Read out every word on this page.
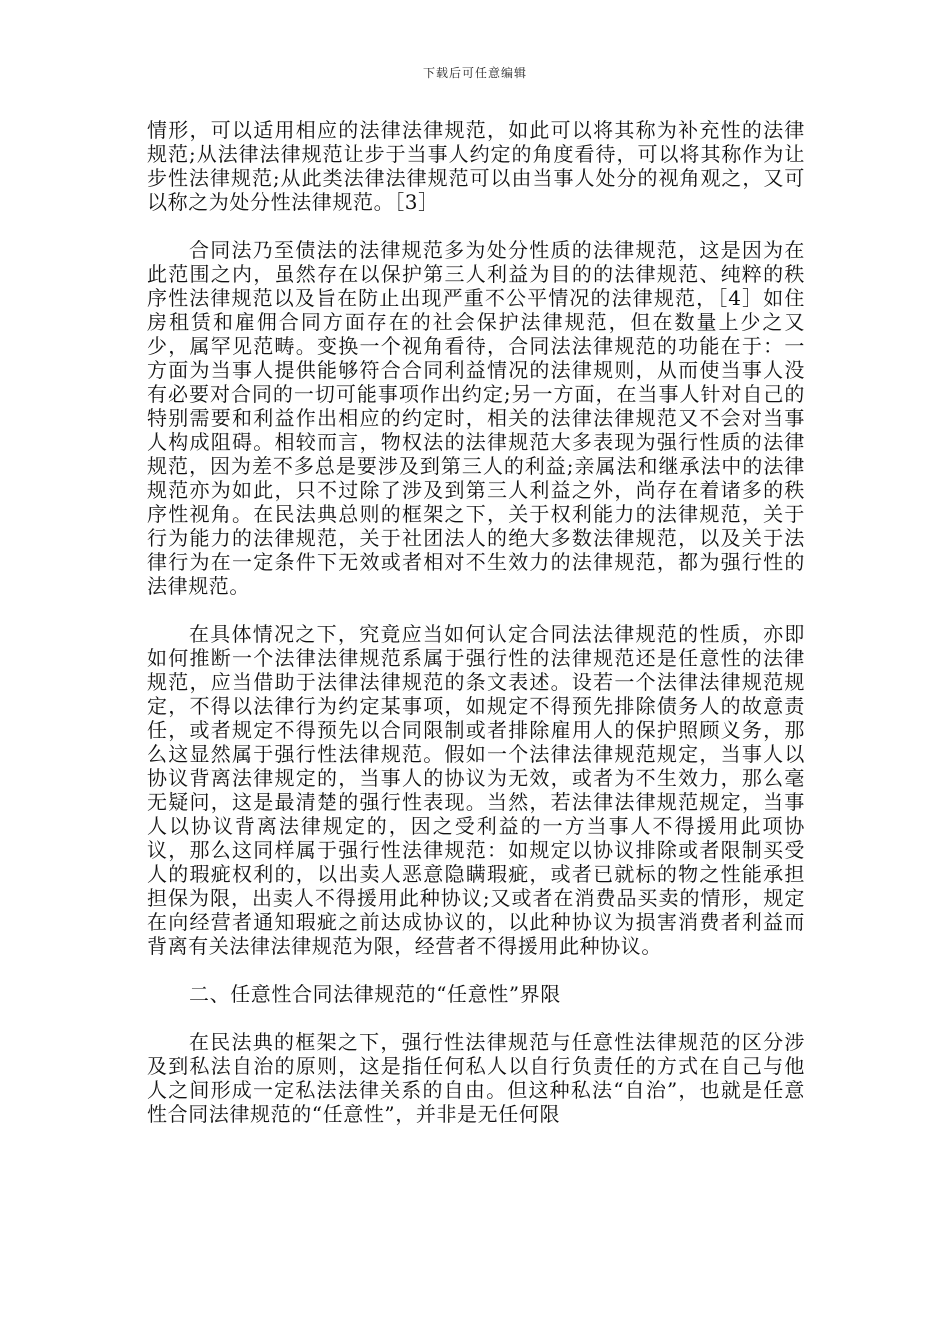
下载后可任意编辑

情形，可以适用相应的法律法律规范，如此可以将其称为补充性的法律规范;从法律法律规范让步于当事人约定的角度看待，可以将其称作为让步性法律规范;从此类法律法律规范可以由当事人处分的视角观之，又可以称之为处分性法律规范。［3］

合同法乃至债法的法律规范多为处分性质的法律规范，这是因为在此范围之内，虽然存在以保护第三人利益为目的的法律规范、纯粹的秩序性法律规范以及旨在防止出现严重不公平情况的法律规范，［4］如住房租赁和雇佣合同方面存在的社会保护法律规范，但在数量上少之又少，属罕见范畴。变换一个视角看待，合同法法律规范的功能在于：一方面为当事人提供能够符合合同利益情况的法律规则，从而使当事人没有必要对合同的一切可能事项作出约定;另一方面，在当事人针对自己的特别需要和利益作出相应的约定时，相关的法律法律规范又不会对当事人构成阻碍。相较而言，物权法的法律规范大多表现为强行性质的法律规范，因为差不多总是要涉及到第三人的利益;亲属法和继承法中的法律规范亦为如此，只不过除了涉及到第三人利益之外，尚存在着诸多的秩序性视角。在民法典总则的框架之下，关于权利能力的法律规范，关于行为能力的法律规范，关于社团法人的绝大多数法律规范，以及关于法律行为在一定条件下无效或者相对不生效力的法律规范，都为强行性的法律规范。

在具体情况之下，究竟应当如何认定合同法法律规范的性质，亦即如何推断一个法律法律规范系属于强行性的法律规范还是任意性的法律规范，应当借助于法律法律规范的条文表述。设若一个法律法律规范规定，不得以法律行为约定某事项，如规定不得预先排除债务人的故意责任，或者规定不得预先以合同限制或者排除雇用人的保护照顾义务，那么这显然属于强行性法律规范。假如一个法律法律规范规定，当事人以协议背离法律规定的，当事人的协议为无效，或者为不生效力，那么毫无疑问，这是最清楚的强行性表现。当然，若法律法律规范规定，当事人以协议背离法律规定的，因之受利益的一方当事人不得援用此项协议，那么这同样属于强行性法律规范：如规定以协议排除或者限制买受人的瑕疵权利的，以出卖人恶意隐瞒瑕疵，或者已就标的物之性能承担担保为限，出卖人不得援用此种协议;又或者在消费品买卖的情形，规定在向经营者通知瑕疵之前达成协议的，以此种协议为损害消费者利益而背离有关法律法律规范为限，经营者不得援用此种协议。

二、任意性合同法律规范的“任意性”界限

在民法典的框架之下，强行性法律规范与任意性法律规范的区分涉及到私法自治的原则，这是指任何私人以自行负责任的方式在自己与他人之间形成一定私法法律关系的自由。但这种私法“自治”，也就是任意性合同法律规范的“任意性”，并非是无任何限
